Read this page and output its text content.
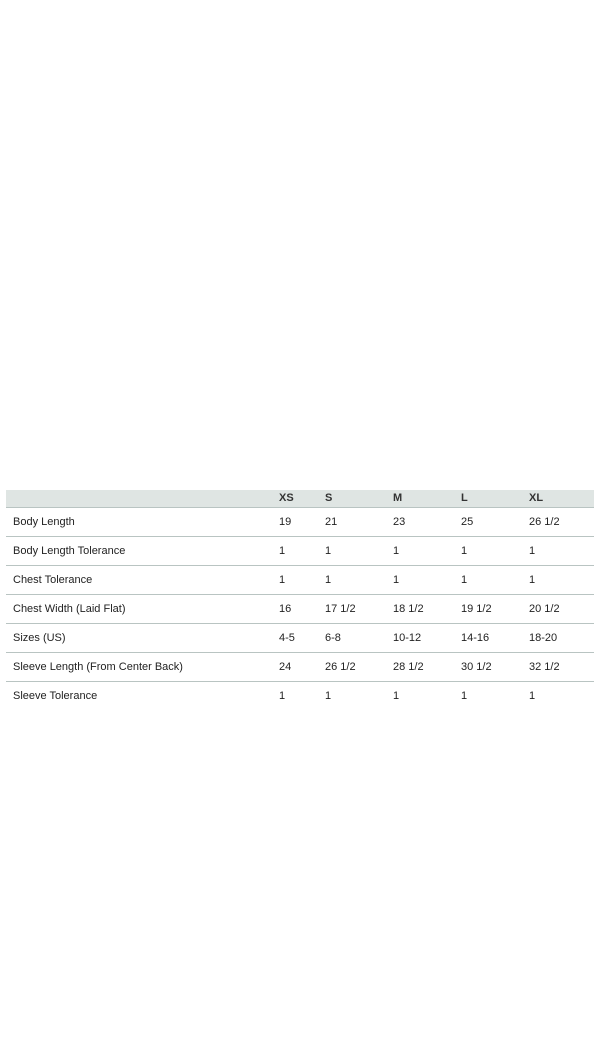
	XS	S	M	L	XL
Body Length	19	21	23	25	26 1/2
Body Length Tolerance	1	1	1	1	1
Chest Tolerance	1	1	1	1	1
Chest Width (Laid Flat)	16	17 1/2	18 1/2	19 1/2	20 1/2
Sizes (US)	4-5	6-8	10-12	14-16	18-20
Sleeve Length (From Center Back)	24	26 1/2	28 1/2	30 1/2	32 1/2
Sleeve Tolerance	1	1	1	1	1
